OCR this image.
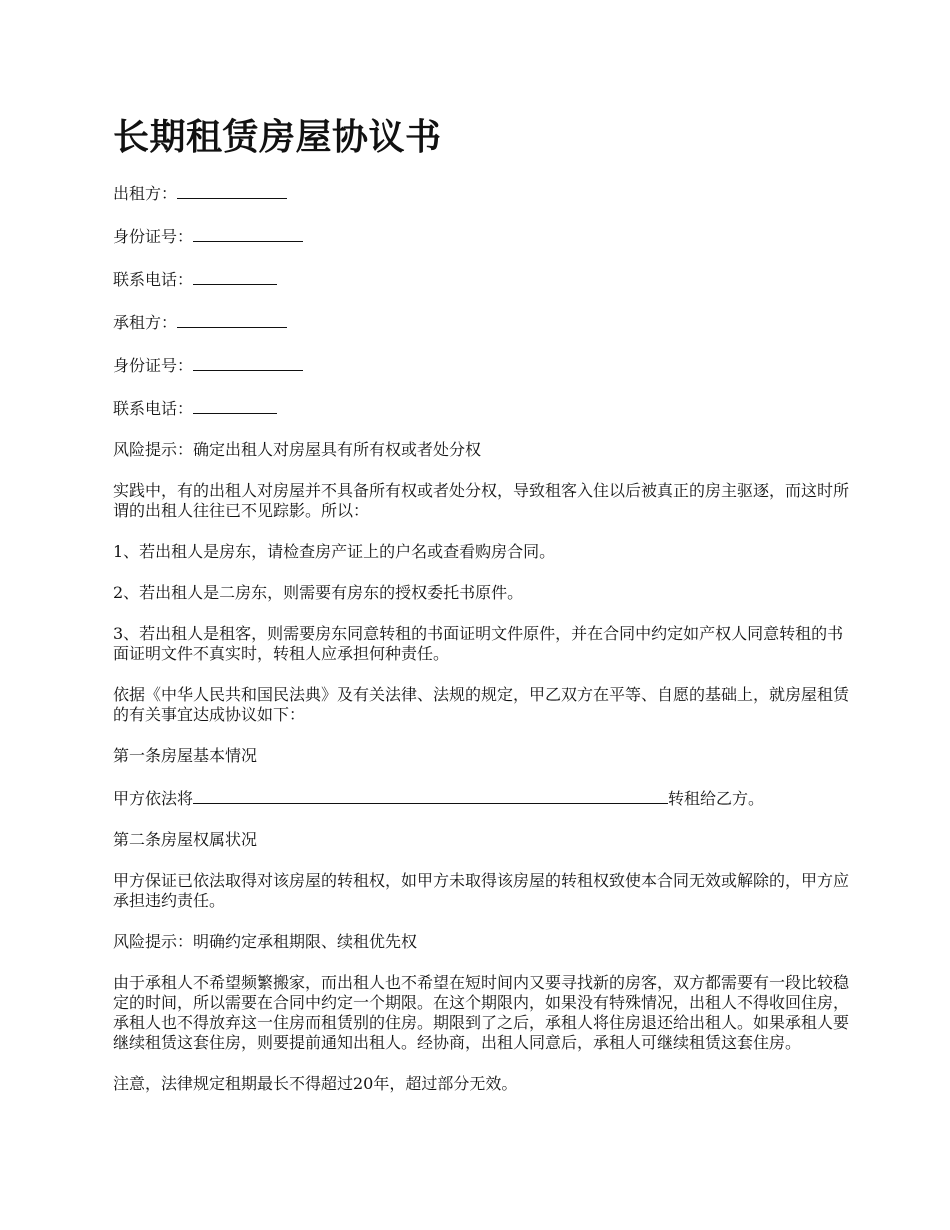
长期租赁房屋协议书
出租方：
身份证号：
联系电话：
承租方：
身份证号：
联系电话：

风险提示：确定出租人对房屋具有所有权或者处分权

实践中，有的出租人对房屋并不具备所有权或者处分权，导致租客入住以后被真正的房主驱逐，而这时所谓的出租人往往已不见踪影。所以：

1、若出租人是房东，请检查房产证上的户名或查看购房合同。

2、若出租人是二房东，则需要有房东的授权委托书原件。

3、若出租人是租客，则需要房东同意转租的书面证明文件原件，并在合同中约定如产权人同意转租的书面证明文件不真实时，转租人应承担何种责任。

依据《中华人民共和国民法典》及有关法律、法规的规定，甲乙双方在平等、自愿的基础上，就房屋租赁的有关事宜达成协议如下：

第一条房屋基本情况

甲方依法将	转租给乙方。

第二条房屋权属状况

甲方保证已依法取得对该房屋的转租权，如甲方未取得该房屋的转租权致使本合同无效或解除的，甲方应承担违约责任。

风险提示：明确约定承租期限、续租优先权

由于承租人不希望频繁搬家，而出租人也不希望在短时间内又要寻找新的房客，双方都需要有一段比较稳定的时间，所以需要在合同中约定一个期限。在这个期限内，如果没有特殊情况，出租人不得收回住房，承租人也不得放弃这一住房而租赁别的住房。期限到了之后，承租人将住房退还给出租人。如果承租人要继续租赁这套住房，则要提前通知出租人。经协商，出租人同意后，承租人可继续租赁这套住房。

注意，法律规定租期最长不得超过20年，超过部分无效。
